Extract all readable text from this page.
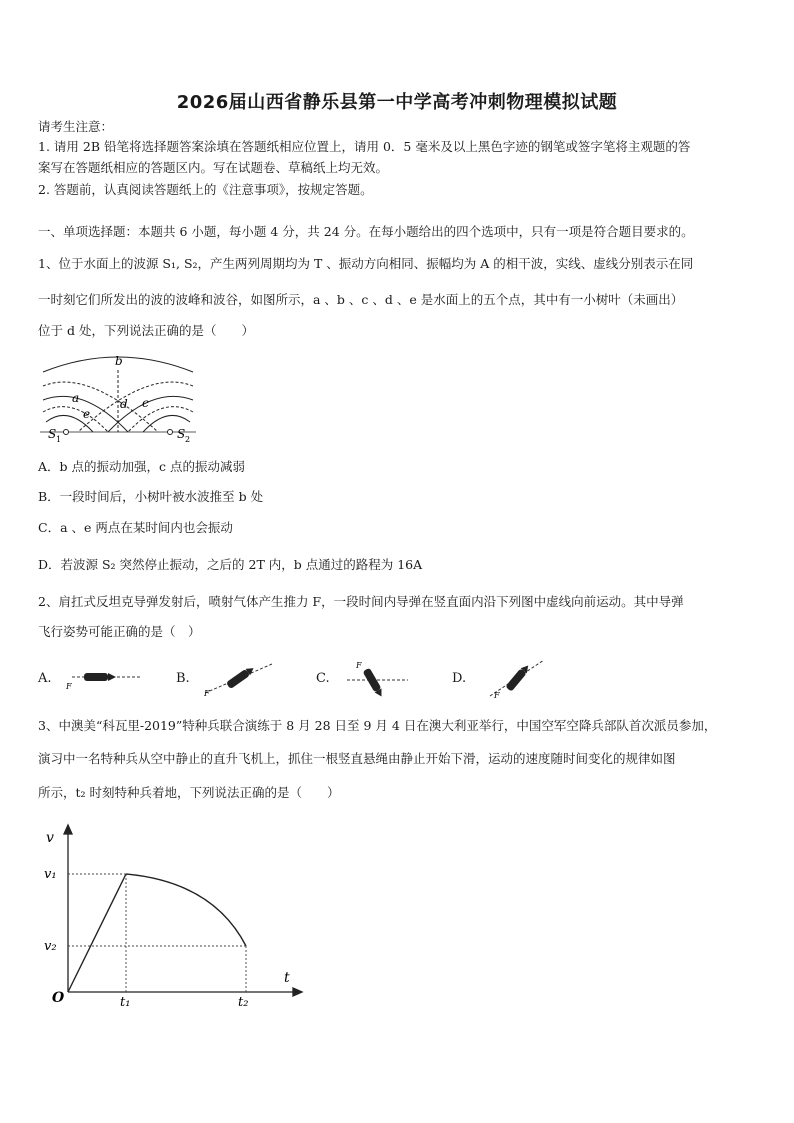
2026届山西省静乐县第一中学高考冲刺物理模拟试题
请考生注意：
1. 请用 2B 铅笔将选择题答案涂填在答题纸相应位置上，请用 0．5 毫米及以上黑色字迹的钢笔或签字笔将主观题的答
案写在答题纸相应的答题区内。写在试题卷、草稿纸上均无效。
2. 答题前，认真阅读答题纸上的《注意事项》，按规定答题。
一、单项选择题：本题共 6 小题，每小题 4 分，共 24 分。在每小题给出的四个选项中，只有一项是符合题目要求的。
1、位于水面上的波源 S₁, S₂，产生两列周期均为 T 、振动方向相同、振幅均为 A 的相干波，实线、虚线分别表示在同
一时刻它们所发出的波的波峰和波谷，如图所示，a 、b 、c 、d 、e 是水面上的五个点，其中有一小树叶（未画出）
位于 d 处，下列说法正确的是（　　）
b
a
e
d c
S 1	S 2
A．b 点的振动加强，c 点的振动减弱
B．一段时间后，小树叶被水波推至 b 处
C．a 、e 两点在某时间内也会振动
D．若波源 S₂ 突然停止振动，之后的 2T 内，b 点通过的路程为 16A
2、肩扛式反坦克导弹发射后，喷射气体产生推力 F，一段时间内导弹在竖直面内沿下列图中虚线向前运动。其中导弹
飞行姿势可能正确的是（　）
A.
F
B.
F
C.
F
D.
F
3、中澳美“科瓦里-2019”特种兵联合演练于 8 月 28 日至 9 月 4 日在澳大利亚举行，中国空军空降兵部队首次派员参加，
演习中一名特种兵从空中静止的直升飞机上，抓住一根竖直悬绳由静止开始下滑，运动的速度随时间变化的规律如图
所示，t₂ 时刻特种兵着地，下列说法正确的是（　　）
v
t
O
v₁
v₂
t₁	t₂
